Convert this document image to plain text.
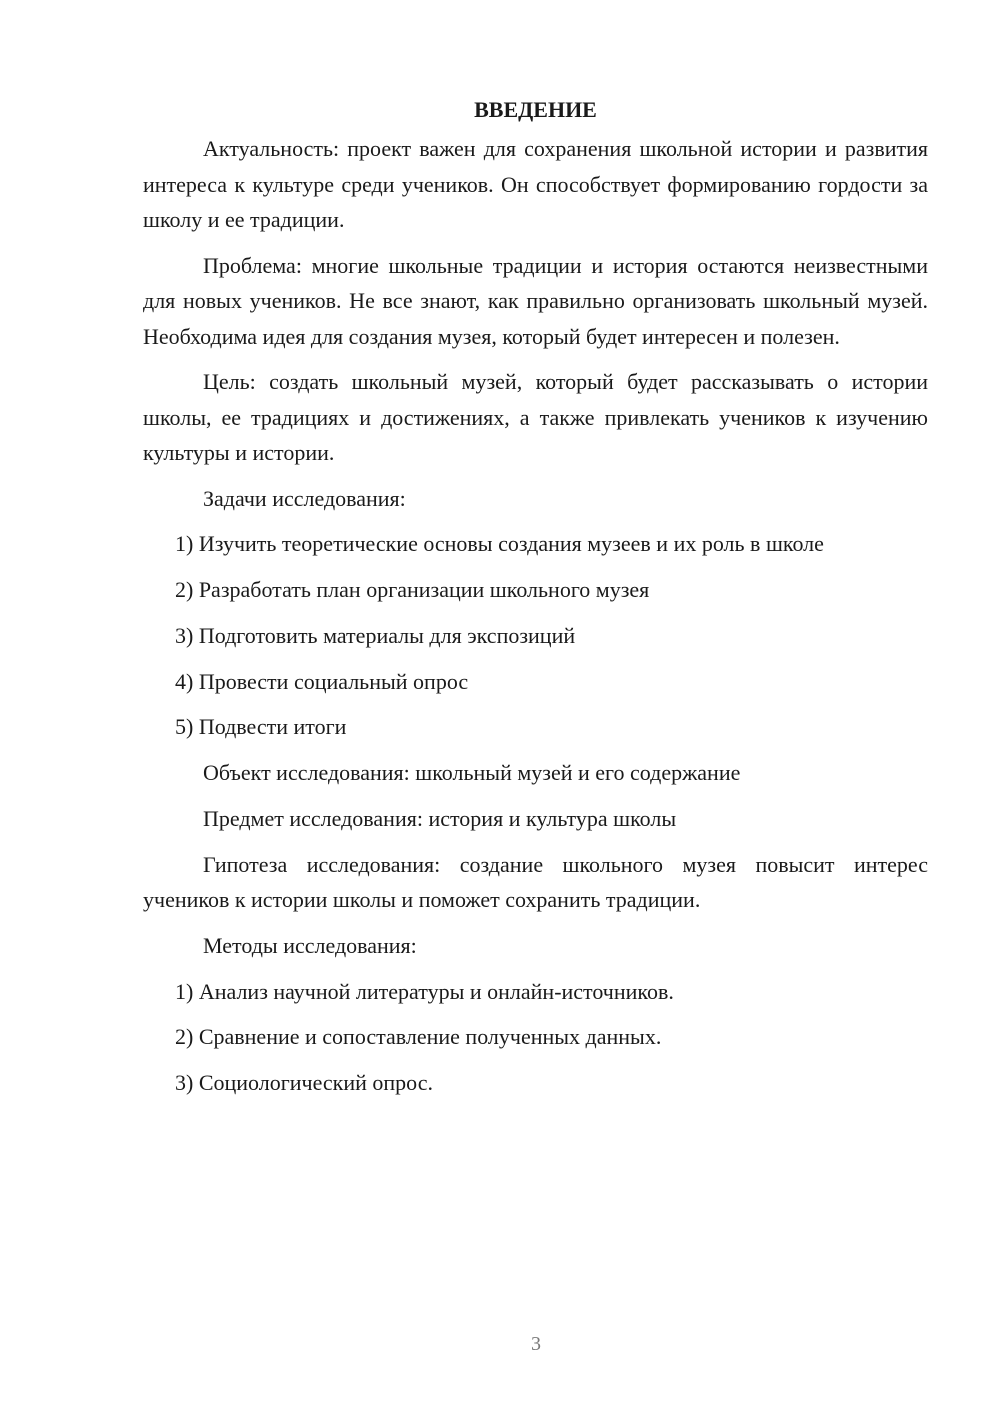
ВВЕДЕНИЕ

Актуальность: проект важен для сохранения школьной истории и развития интереса к культуре среди учеников. Он способствует формированию гордости за школу и ее традиции.

Проблема: многие школьные традиции и история остаются неизвестными для новых учеников. Не все знают, как правильно организовать школьный музей. Необходима идея для создания музея, который будет интересен и полезен.

Цель: создать школьный музей, который будет рассказывать о истории школы, ее традициях и достижениях, а также привлекать учеников к изучению культуры и истории.

Задачи исследования:

1) Изучить теоретические основы создания музеев и их роль в школе

2) Разработать план организации школьного музея

3) Подготовить материалы для экспозиций

4) Провести социальный опрос

5) Подвести итоги

Объект исследования: школьный музей и его содержание

Предмет исследования: история и культура школы

Гипотеза исследования: создание школьного музея повысит интерес учеников к истории школы и поможет сохранить традиции.

Методы исследования:

1) Анализ научной литературы и онлайн-источников.

2) Сравнение и сопоставление полученных данных.

3) Социологический опрос.

3
